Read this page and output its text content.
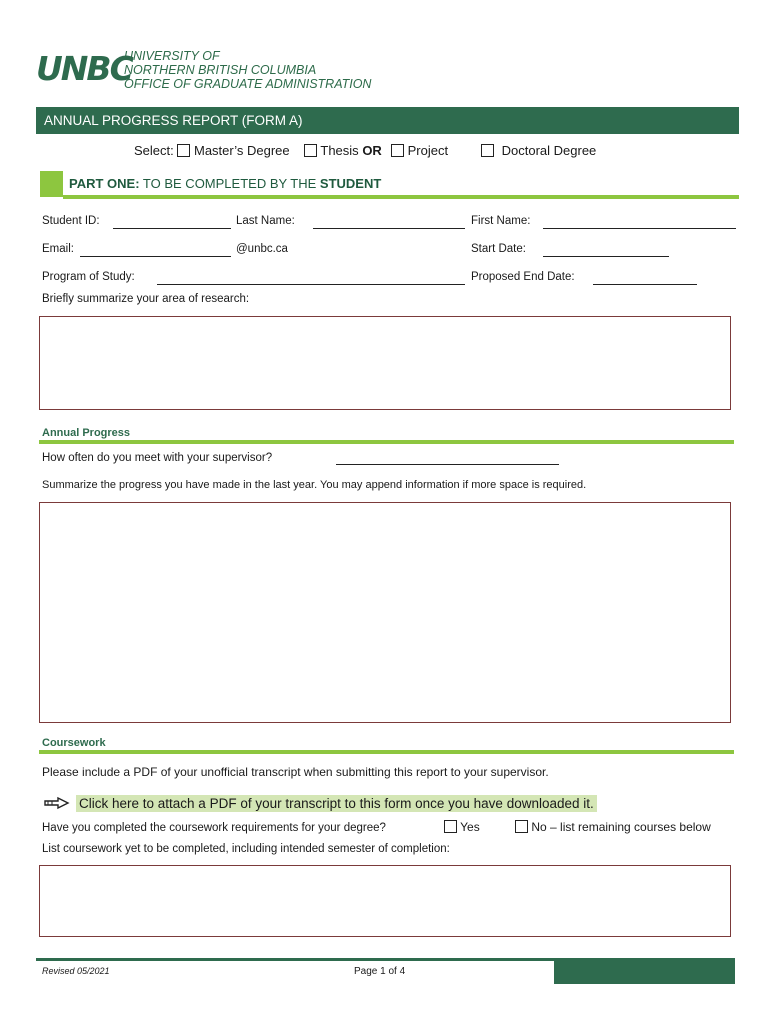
UNBC
UNIVERSITY OF
NORTHERN BRITISH COLUMBIA
OFFICE OF GRADUATE ADMINISTRATION
ANNUAL PROGRESS REPORT (FORM A)
Select: Master’s Degree	Thesis OR	Project	Doctoral Degree
PART ONE: TO BE COMPLETED BY THE STUDENT
Student ID:	Last Name:	First Name:
Email:	@unbc.ca	Start Date:
Program of Study:	Proposed End Date:
Briefly summarize your area of research:
Annual Progress
How often do you meet with your supervisor?
Summarize the progress you have made in the last year. You may append information if more space is required.
Coursework
Please include a PDF of your unofficial transcript when submitting this report to your supervisor.
Click here to attach a PDF of your transcript to this form once you have downloaded it.
Have you completed the coursework requirements for your degree?	Yes	No – list remaining courses below
List coursework yet to be completed, including intended semester of completion:
Revised 05/2021	Page 1 of 4
